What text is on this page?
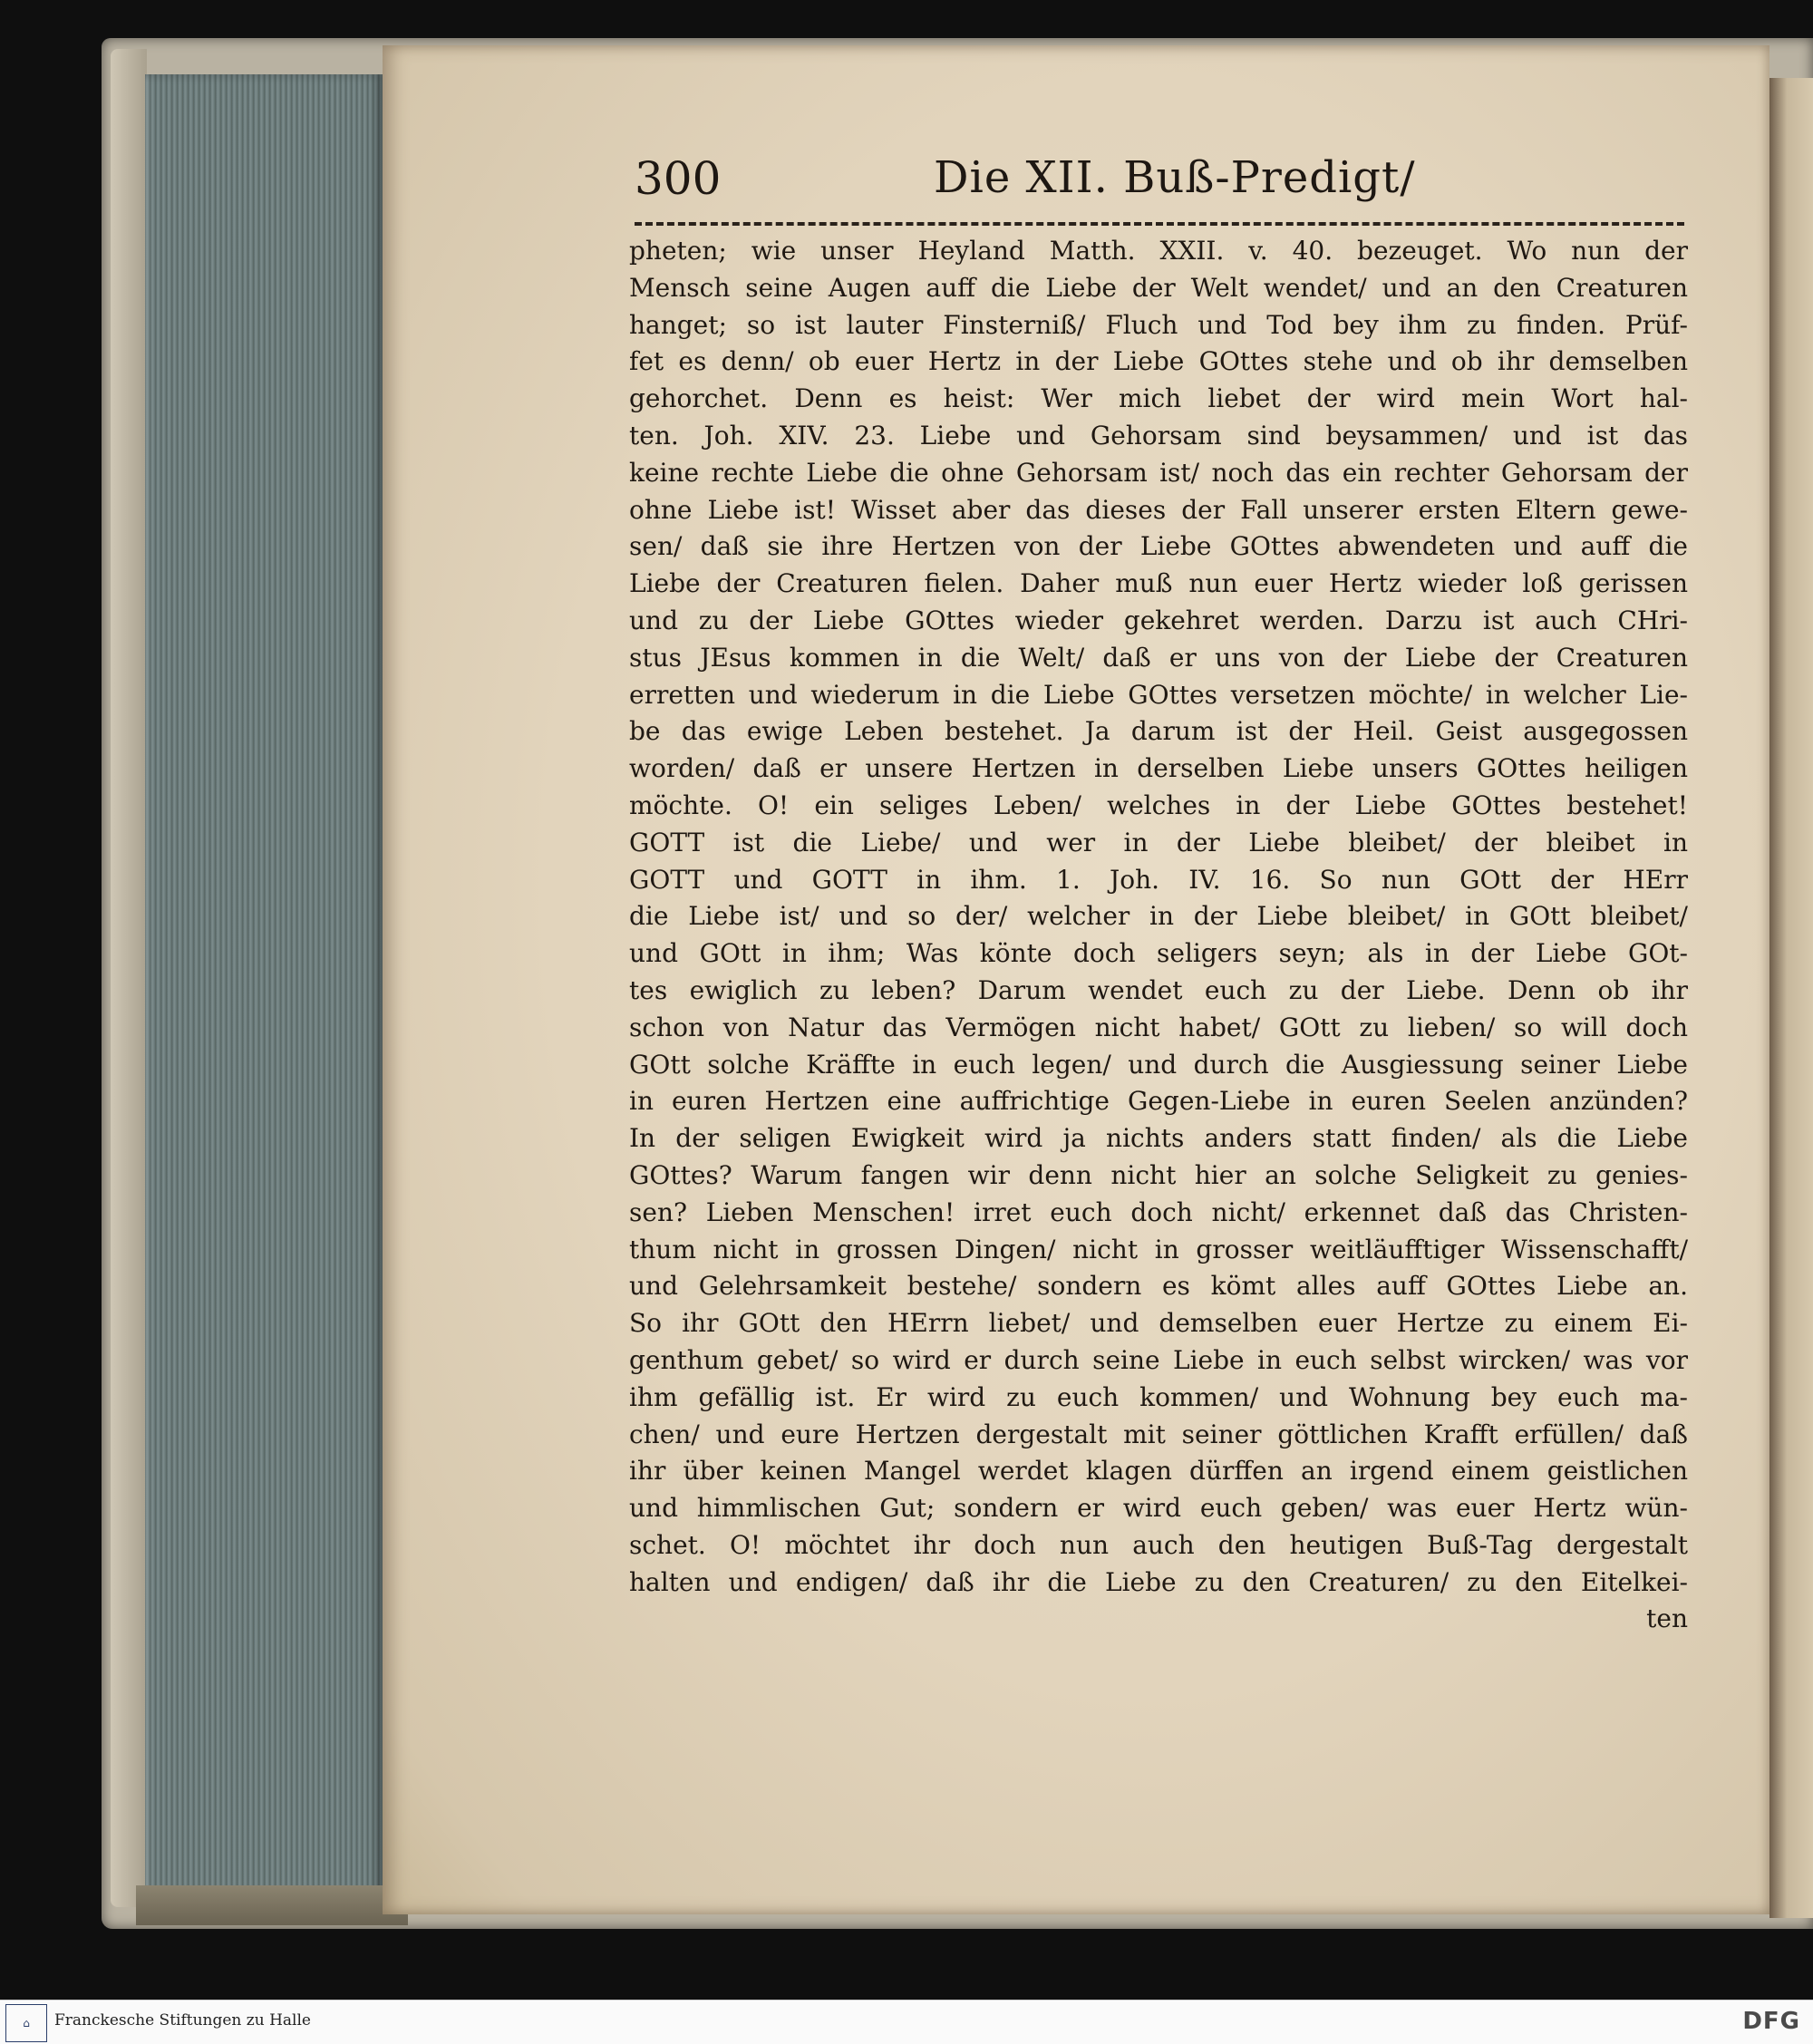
300	Die XII. Buß-Predigt/
pheten; wie unser Heyland Matth. XXII. v. 40. bezeuget. Wo nun der
Mensch seine Augen auff die Liebe der Welt wendet/ und an den Creaturen
hanget; so ist lauter Finsterniß/ Fluch und Tod bey ihm zu finden. Prüf-
fet es denn/ ob euer Hertz in der Liebe GOttes stehe und ob ihr demselben
gehorchet. Denn es heist: Wer mich liebet der wird mein Wort hal-
ten. Joh. XIV. 23. Liebe und Gehorsam sind beysammen/ und ist das
keine rechte Liebe die ohne Gehorsam ist/ noch das ein rechter Gehorsam der
ohne Liebe ist! Wisset aber das dieses der Fall unserer ersten Eltern gewe-
sen/ daß sie ihre Hertzen von der Liebe GOttes abwendeten und auff die
Liebe der Creaturen fielen. Daher muß nun euer Hertz wieder loß gerissen
und zu der Liebe GOttes wieder gekehret werden. Darzu ist auch CHri-
stus JEsus kommen in die Welt/ daß er uns von der Liebe der Creaturen
erretten und wiederum in die Liebe GOttes versetzen möchte/ in welcher Lie-
be das ewige Leben bestehet. Ja darum ist der Heil. Geist ausgegossen
worden/ daß er unsere Hertzen in derselben Liebe unsers GOttes heiligen
möchte. O! ein seliges Leben/ welches in der Liebe GOttes bestehet!
GOTT ist die Liebe/ und wer in der Liebe bleibet/ der bleibet in
GOTT und GOTT in ihm. 1. Joh. IV. 16. So nun GOtt der HErr
die Liebe ist/ und so der/ welcher in der Liebe bleibet/ in GOtt bleibet/
und GOtt in ihm; Was könte doch seligers seyn; als in der Liebe GOt-
tes ewiglich zu leben? Darum wendet euch zu der Liebe. Denn ob ihr
schon von Natur das Vermögen nicht habet/ GOtt zu lieben/ so will doch
GOtt solche Kräffte in euch legen/ und durch die Ausgiessung seiner Liebe
in euren Hertzen eine auffrichtige Gegen-Liebe in euren Seelen anzünden?
In der seligen Ewigkeit wird ja nichts anders statt finden/ als die Liebe
GOttes? Warum fangen wir denn nicht hier an solche Seligkeit zu genies-
sen? Lieben Menschen! irret euch doch nicht/ erkennet daß das Christen-
thum nicht in grossen Dingen/ nicht in grosser weitläufftiger Wissenschafft/
und Gelehrsamkeit bestehe/ sondern es kömt alles auff GOttes Liebe an.
So ihr GOtt den HErrn liebet/ und demselben euer Hertze zu einem Ei-
genthum gebet/ so wird er durch seine Liebe in euch selbst wircken/ was vor
ihm gefällig ist. Er wird zu euch kommen/ und Wohnung bey euch ma-
chen/ und eure Hertzen dergestalt mit seiner göttlichen Krafft erfüllen/ daß
ihr über keinen Mangel werdet klagen dürffen an irgend einem geistlichen
und himmlischen Gut; sondern er wird euch geben/ was euer Hertz wün-
schet. O! möchtet ihr doch nun auch den heutigen Buß-Tag dergestalt
halten und endigen/ daß ihr die Liebe zu den Creaturen/ zu den Eitelkei-
ten
⌂	Franckesche Stiftungen zu Halle	DFG
